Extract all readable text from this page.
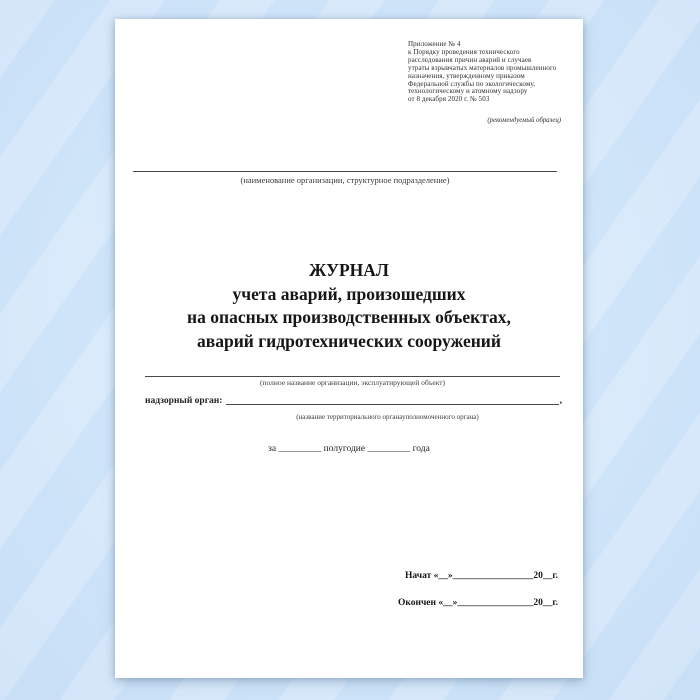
Приложение № 4
к Порядку проведения технического
расследования причин аварий и случаев
утраты взрывчатых материалов промышленного
назначения, утвержденному приказом
Федеральной службы по экологическому,
технологическому и атомному надзору
от 8 декабря 2020 г. № 503
(рекомендуемый образец)
(наименование организации, структурное подразделение)
ЖУРНАЛ
учета аварий, произошедших
на опасных производственных объектах,
аварий гидротехнических сооружений
(полное название организации, эксплуатирующей объект)
надзорный орган:	,
(название территориального органауполномоченного органа)
за _________ полугодие _________ года
Начат «__»_________________20__г.
Окончен «__»________________20__г.
